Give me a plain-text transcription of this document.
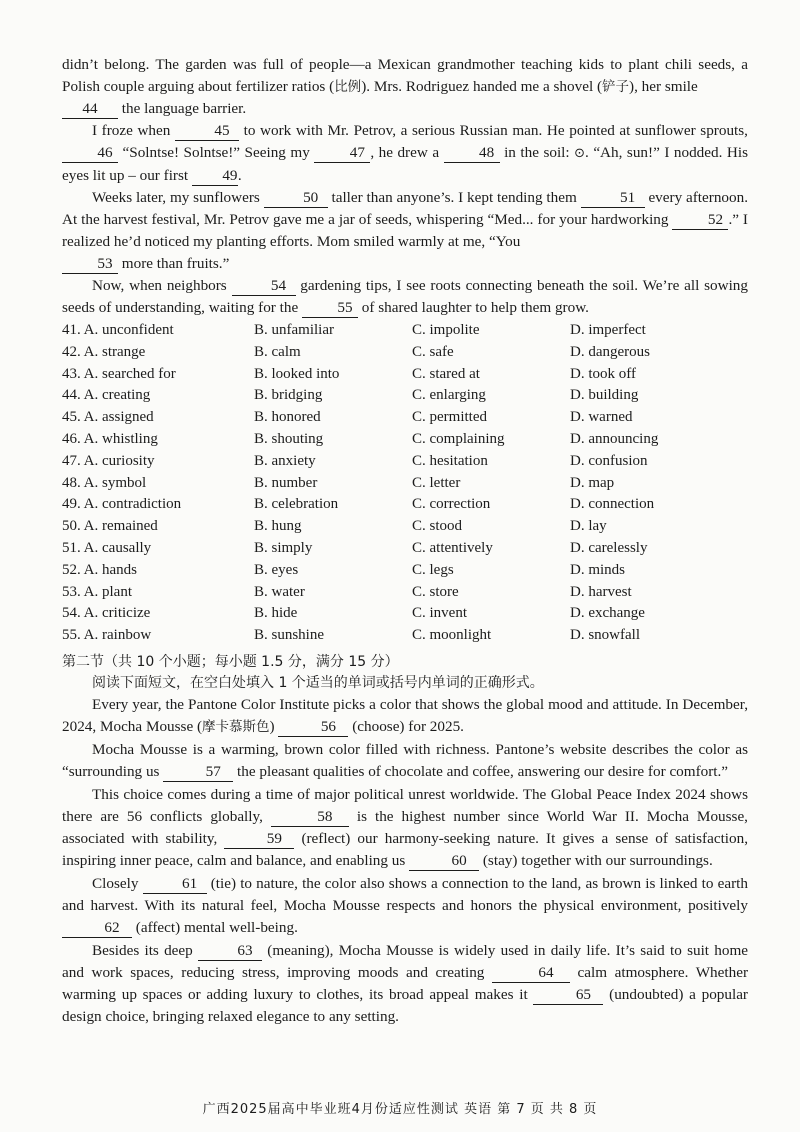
didn’t belong. The garden was full of people—a Mexican grandmother teaching kids to plant chili seeds, a Polish couple arguing about fertilizer ratios (比例). Mrs. Rodriguez handed me a shovel (铲子), her smile
44 the language barrier.

I froze when	45 to work with Mr. Petrov, a serious Russian man. He pointed at sunflower sprouts, 46 “Solntse! Solntse!” Seeing my 47 , he drew a 48 in the soil: ⊙. “Ah, sun!” I nodded. His eyes lit up – our first 49.

Weeks later, my sunflowers	50 taller than anyone’s. I kept tending them	51 every afternoon. At the harvest festival, Mr. Petrov gave me a jar of seeds, whispering “Med... for your hardworking 52 .” I realized he’d noticed my planting efforts. Mom smiled warmly at me, “You
53 more than fruits.”

Now, when neighbors	54 gardening tips, I see roots connecting beneath the soil. We’re all sowing seeds of understanding, waiting for the 55 of shared laughter to help them grow.

41. A. unconfident	B. unfamiliar	C. impolite	D. imperfect
42. A. strange	B. calm	C. safe	D. dangerous
43. A. searched for	B. looked into	C. stared at	D. took off
44. A. creating	B. bridging	C. enlarging	D. building
45. A. assigned	B. honored	C. permitted	D. warned
46. A. whistling	B. shouting	C. complaining	D. announcing
47. A. curiosity	B. anxiety	C. hesitation	D. confusion
48. A. symbol	B. number	C. letter	D. map
49. A. contradiction	B. celebration	C. correction	D. connection
50. A. remained	B. hung	C. stood	D. lay
51. A. causally	B. simply	C. attentively	D. carelessly
52. A. hands	B. eyes	C. legs	D. minds
53. A. plant	B. water	C. store	D. harvest
54. A. criticize	B. hide	C. invent	D. exchange
55. A. rainbow	B. sunshine	C. moonlight	D. snowfall
第二节（共 10 个小题；每小题 1.5 分，满分 15 分）
阅读下面短文，在空白处填入 1 个适当的单词或括号内单词的正确形式。

Every year, the Pantone Color Institute picks a color that shows the global mood and attitude. In December, 2024, Mocha Mousse (摩卡慕斯色)	56 (choose) for 2025.

Mocha Mousse is a warming, brown color filled with richness. Pantone’s website describes the color as “surrounding us	57 the pleasant qualities of chocolate and coffee, answering our desire for comfort.”

This choice comes during a time of major political unrest worldwide. The Global Peace Index 2024 shows there are 56 conflicts globally,	58 is the highest number since World War II. Mocha Mousse, associated with stability,	59 (reflect) our harmony-seeking nature. It gives a sense of satisfaction, inspiring inner peace, calm and balance, and enabling us	60 (stay) together with our surroundings.

Closely	61 (tie) to nature, the color also shows a connection to the land, as brown is linked to earth and harvest. With its natural feel, Mocha Mousse respects and honors the physical environment, positively 62 (affect) mental well-being.

Besides its deep	63 (meaning), Mocha Mousse is widely used in daily life. It’s said to suit home and work spaces, reducing stress, improving moods and creating	64 calm atmosphere. Whether warming up spaces or adding luxury to clothes, its broad appeal makes it	65 (undoubted) a popular design choice, bringing relaxed elegance to any setting.

广西2025届高中毕业班4月份适应性测试 英语 第 7 页 共 8 页
